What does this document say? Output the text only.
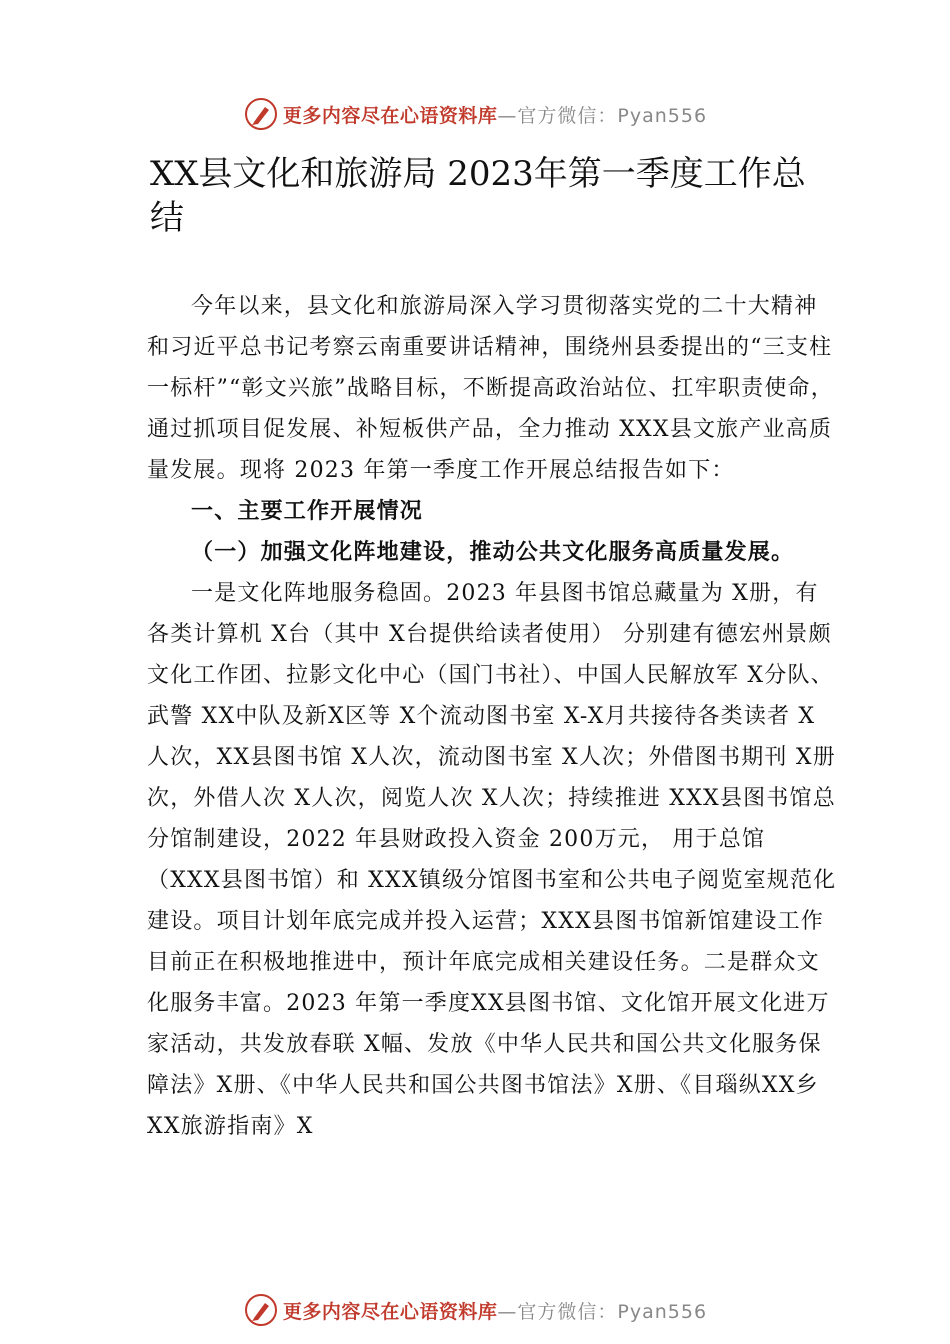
更多内容尽在心语资料库 —官方微信：Pyan556
XX县文化和旅游局 2023年第一季度工作总结

今年以来，县文化和旅游局深入学习贯彻落实党的二十大精神和习近平总书记考察云南重要讲话精神，围绕州县委提出的“三支柱一标杆”“彰文兴旅”战略目标，不断提高政治站位、扛牢职责使命，通过抓项目促发展、补短板供产品，全力推动 XXX县文旅产业高质量发展。现将 2023 年第一季度工作开展总结报告如下：

一、主要工作开展情况

（一）加强文化阵地建设，推动公共文化服务高质量发展。

一是文化阵地服务稳固。2023 年县图书馆总藏量为 X册，有各类计算机 X台（其中 X台提供给读者使用） 分别建有德宏州景颇文化工作团、拉影文化中心（国门书社）、中国人民解放军 X分队、武警 XX中队及新X区等 X个流动图书室 X-X月共接待各类读者 X人次，XX县图书馆 X人次，流动图书室 X人次；外借图书期刊 X册次，外借人次 X人次，阅览人次 X人次；持续推进 XXX县图书馆总分馆制建设，2022 年县财政投入资金 200万元， 用于总馆（XXX县图书馆）和 XXX镇级分馆图书室和公共电子阅览室规范化建设。项目计划年底完成并投入运营；XXX县图书馆新馆建设工作目前正在积极地推进中，预计年底完成相关建设任务。二是群众文化服务丰富。2023 年第一季度XX县图书馆、文化馆开展文化进万家活动，共发放春联 X幅、发放《中华人民共和国公共文化服务保障法》X册、《中华人民共和国公共图书馆法》X册、《目瑙纵XX乡 XX旅游指南》X

更多内容尽在心语资料库 —官方微信：Pyan556
